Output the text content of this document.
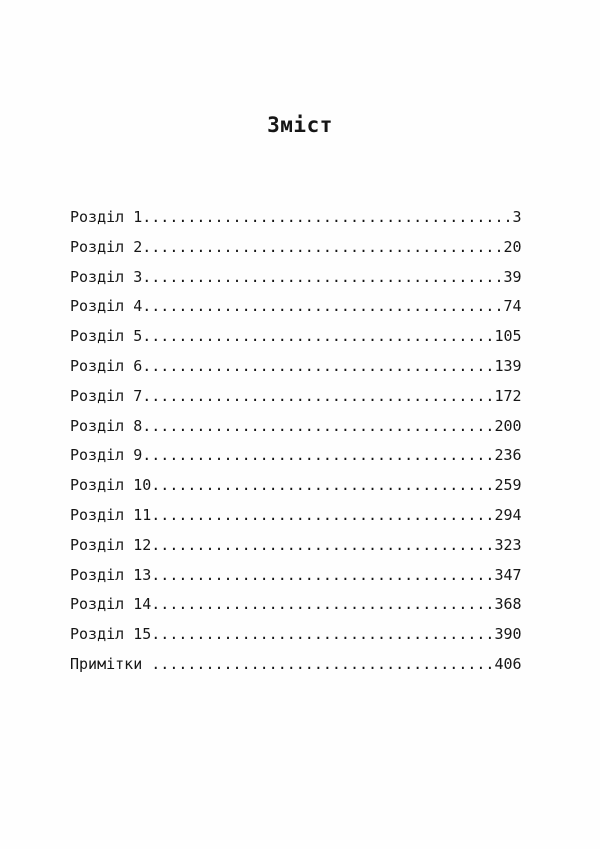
Зміст
Розділ 1.........................................3
Розділ 2........................................20
Розділ 3........................................39
Розділ 4........................................74
Розділ 5.......................................105
Розділ 6.......................................139
Розділ 7.......................................172
Розділ 8.......................................200
Розділ 9.......................................236
Розділ 10......................................259
Розділ 11......................................294
Розділ 12......................................323
Розділ 13......................................347
Розділ 14......................................368
Розділ 15......................................390
Примітки ......................................406
